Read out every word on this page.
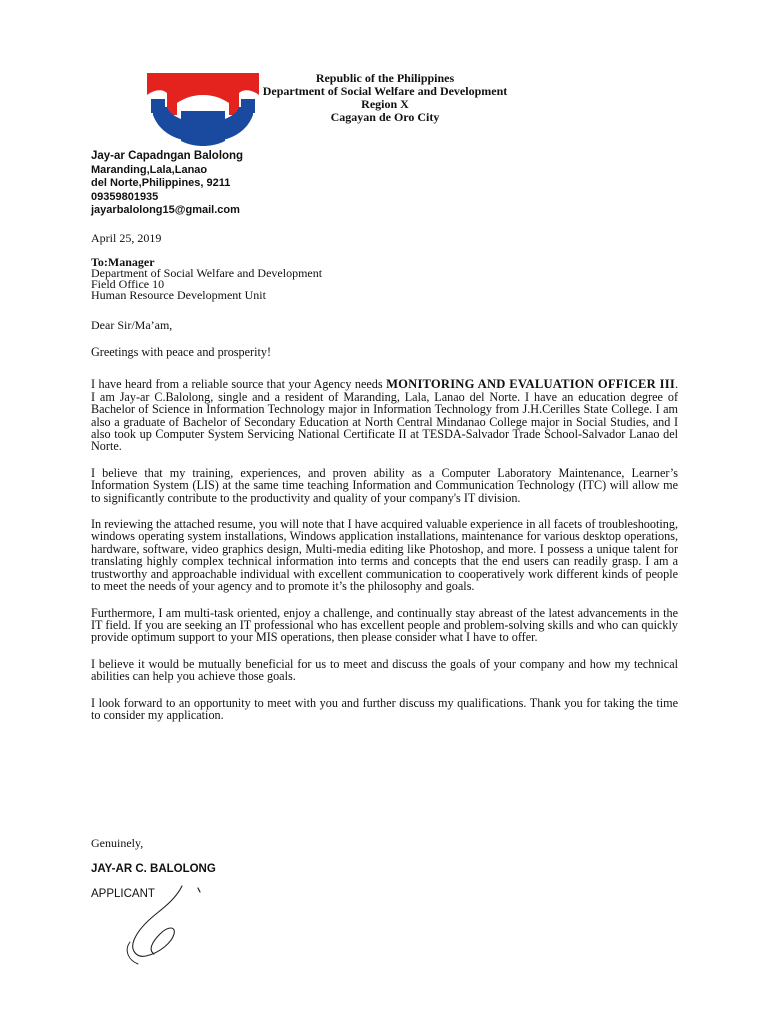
Republic of the Philippines
Department of Social Welfare and Development
Region X
Cagayan de Oro City
Jay-ar Capadngan Balolong
Maranding,Lala,Lanao
del Norte,Philippines, 9211
09359801935
jayarbalolong15@gmail.com
April 25, 2019
To:Manager
Department of Social Welfare and Development
Field Office 10
Human Resource Development Unit
Dear Sir/Ma’am,

Greetings with peace and prosperity!

I have heard from a reliable source that your Agency needs MONITORING AND EVALUATION OFFICER III. I am Jay-ar C.Balolong, single and a resident of Maranding, Lala, Lanao del Norte. I have an education degree of Bachelor of Science in Information Technology major in Information Technology from J.H.Cerilles State College. I am also a graduate of Bachelor of Secondary Education at North Central Mindanao College major in Social Studies, and I also took up Computer System Servicing National Certificate II at TESDA-Salvador Trade School-Salvador Lanao del Norte.

I believe that my training, experiences, and proven ability as a Computer Laboratory Maintenance, Learner’s Information System (LIS) at the same time teaching Information and Communication Technology (ITC) will allow me to significantly contribute to the productivity and quality of your company's IT division.

In reviewing the attached resume, you will note that I have acquired valuable experience in all facets of troubleshooting, windows operating system installations, Windows application installations, maintenance for various desktop operations, hardware, software, video graphics design, Multi-media editing like Photoshop, and more. I possess a unique talent for translating highly complex technical information into terms and concepts that the end users can readily grasp. I am a trustworthy and approachable individual with excellent communication to cooperatively work different kinds of people to meet the needs of your agency and to promote it’s the philosophy and goals.

Furthermore, I am multi-task oriented, enjoy a challenge, and continually stay abreast of the latest advancements in the IT field. If you are seeking an IT professional who has excellent people and problem-solving skills and who can quickly provide optimum support to your MIS operations, then please consider what I have to offer.

I believe it would be mutually beneficial for us to meet and discuss the goals of your company and how my technical abilities can help you achieve those goals.

I look forward to an opportunity to meet with you and further discuss my qualifications. Thank you for taking the time to consider my application.

Genuinely,
JAY-AR C. BALOLONG
APPLICANT
